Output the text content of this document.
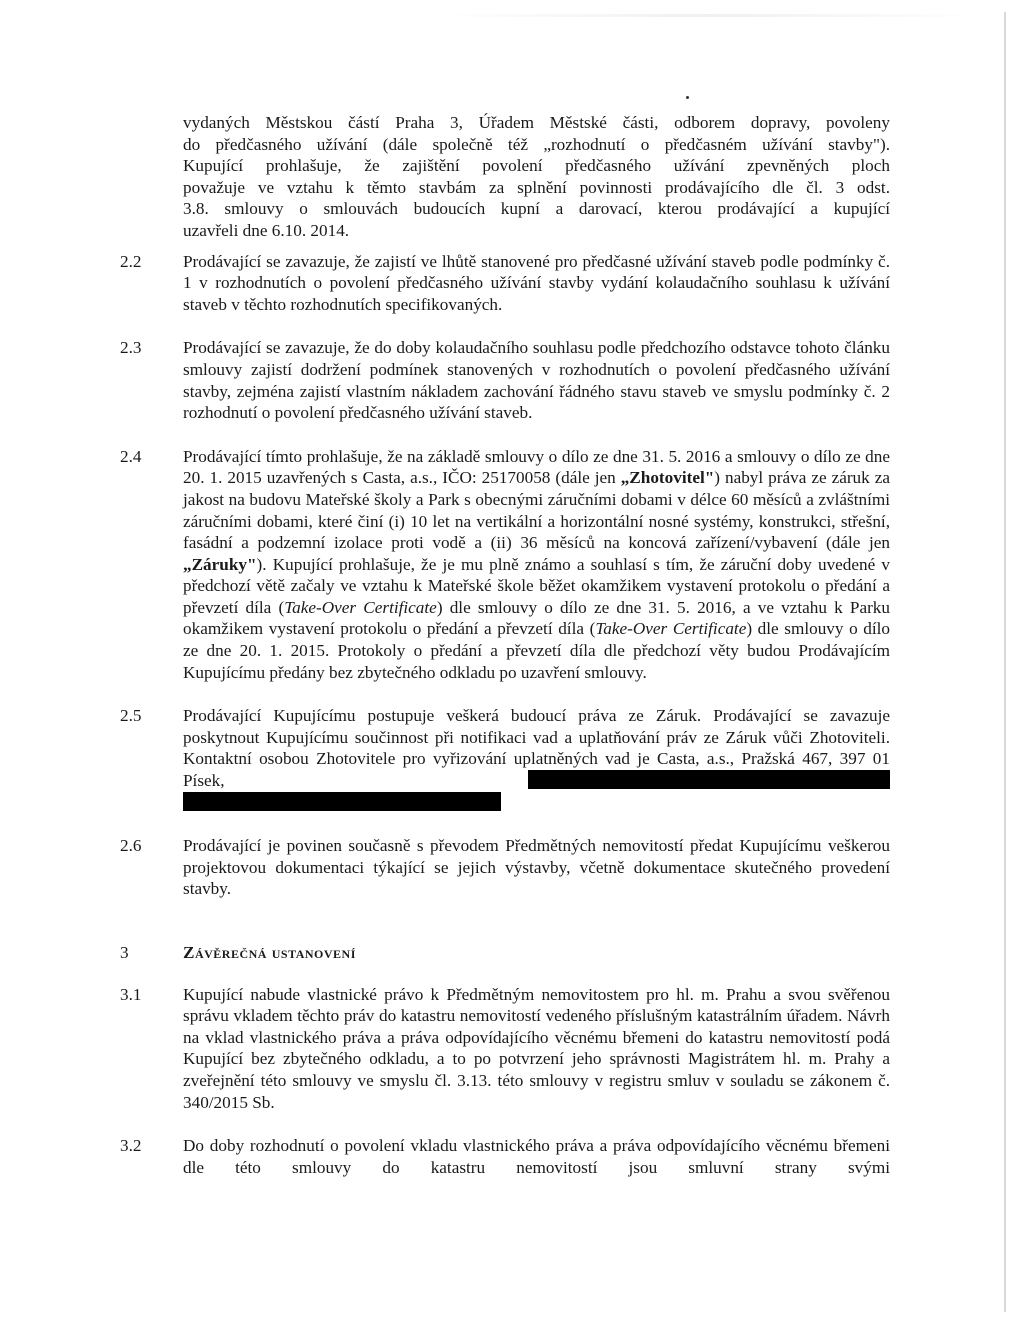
vydaných Městskou částí Praha 3, Úřadem Městské části, odborem dopravy, povoleny
do předčasného užívání (dále společně též „rozhodnutí o předčasném užívání stavby").
Kupující prohlašuje, že zajištění povolení předčasného užívání zpevněných ploch
považuje ve vztahu k těmto stavbám za splnění povinnosti prodávajícího dle čl. 3 odst.
3.8. smlouvy o smlouvách budoucích kupní a darovací, kterou prodávající a kupující
uzavřeli dne 6.10. 2014.
2.2	Prodávající se zavazuje, že zajistí ve lhůtě stanovené pro předčasné užívání staveb podle podmínky č. 1 v rozhodnutích o povolení předčasného užívání stavby vydání kolaudačního souhlasu k užívání staveb v těchto rozhodnutích specifikovaných.

2.3	Prodávající se zavazuje, že do doby kolaudačního souhlasu podle předchozího odstavce tohoto článku smlouvy zajistí dodržení podmínek stanovených v rozhodnutích o povolení předčasného užívání stavby, zejména zajistí vlastním nákladem zachování řádného stavu staveb ve smyslu podmínky č. 2 rozhodnutí o povolení předčasného užívání staveb.

2.4	Prodávající tímto prohlašuje, že na základě smlouvy o dílo ze dne 31. 5. 2016 a smlouvy o dílo ze dne 20. 1. 2015 uzavřených s Casta, a.s., IČO: 25170058 (dále jen „Zhotovitel") nabyl práva ze záruk za jakost na budovu Mateřské školy a Park s obecnými záručními dobami v délce 60 měsíců a zvláštními záručními dobami, které činí (i) 10 let na vertikální a horizontální nosné systémy, konstrukci, střešní, fasádní a podzemní izolace proti vodě a (ii) 36 měsíců na koncová zařízení/vybavení (dále jen „Záruky"). Kupující prohlašuje, že je mu plně známo a souhlasí s tím, že záruční doby uvedené v předchozí větě začaly ve vztahu k Mateřské škole běžet okamžikem vystavení protokolu o předání a převzetí díla (Take-Over Certificate) dle smlouvy o dílo ze dne 31. 5. 2016, a ve vztahu k Parku okamžikem vystavení protokolu o předání a převzetí díla (Take-Over Certificate) dle smlouvy o dílo ze dne 20. 1. 2015. Protokoly o předání a převzetí díla dle předchozí věty budou Prodávajícím Kupujícímu předány bez zbytečného odkladu po uzavření smlouvy.

2.5	Prodávající Kupujícímu postupuje veškerá budoucí práva ze Záruk. Prodávající se zavazuje poskytnout Kupujícímu součinnost při notifikaci vad a uplatňování práv ze Záruk vůči Zhotoviteli. Kontaktní osobou Zhotovitele pro vyřizování uplatněných vad je Casta, a.s., Pražská 467, 397 01 Písek,

2.6	Prodávající je povinen současně s převodem Předmětných nemovitostí předat Kupujícímu veškerou projektovou dokumentaci týkající se jejich výstavby, včetně dokumentace skutečného provedení stavby.

3	Závěrečná ustanovení
3.1	Kupující nabude vlastnické právo k Předmětným nemovitostem pro hl. m. Prahu a svou svěřenou správu vkladem těchto práv do katastru nemovitostí vedeného příslušným katastrálním úřadem. Návrh na vklad vlastnického práva a práva odpovídajícího věcnému břemeni do katastru nemovitostí podá Kupující bez zbytečného odkladu, a to po potvrzení jeho správnosti Magistrátem hl. m. Prahy a zveřejnění této smlouvy ve smyslu čl. 3.13. této smlouvy v registru smluv v souladu se zákonem č. 340/2015 Sb.

3.2	Do doby rozhodnutí o povolení vkladu vlastnického práva a práva odpovídajícího věcnému břemeni dle této smlouvy do katastru nemovitostí jsou smluvní strany svými
